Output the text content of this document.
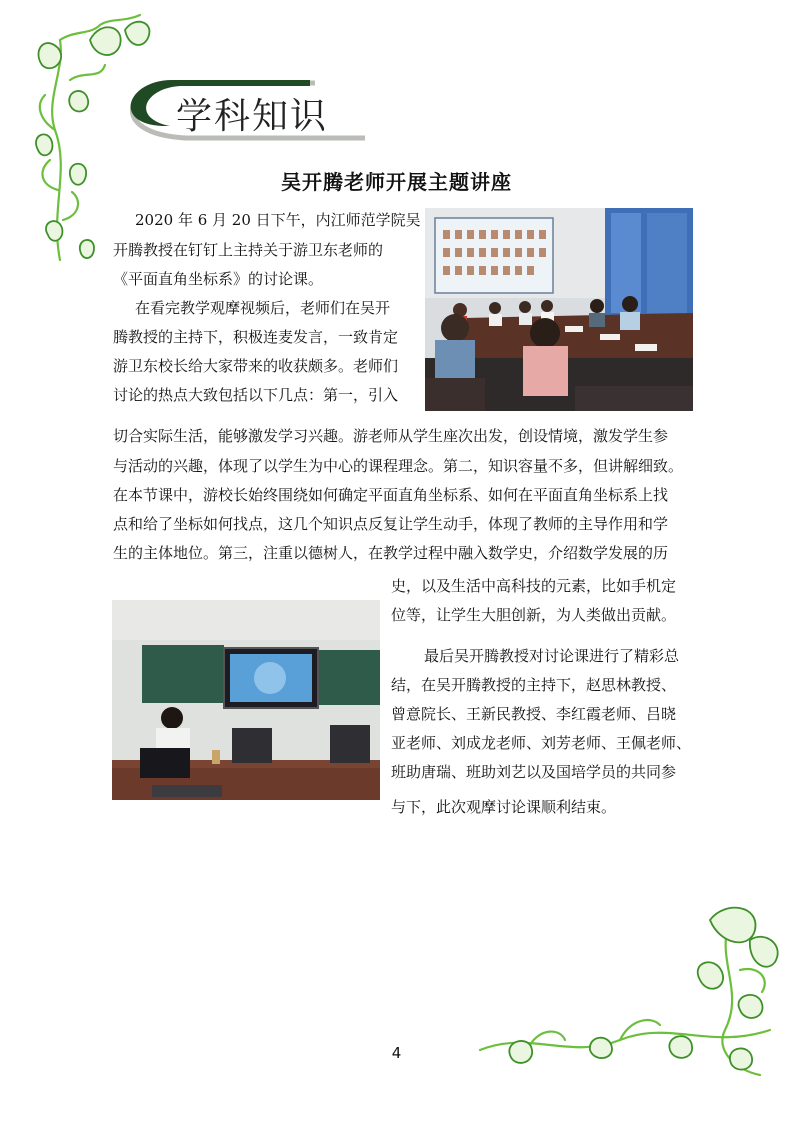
学科知识
吴开腾老师开展主题讲座
2020 年 6 月 20 日下午，内江师范学院吴
开腾教授在钉钉上主持关于游卫东老师的
《平面直角坐标系》的讨论课。
在看完教学观摩视频后，老师们在吴开
腾教授的主持下，积极连麦发言，一致肯定
游卫东校长给大家带来的收获颇多。老师们
讨论的热点大致包括以下几点：第一，引入
切合实际生活，能够激发学习兴趣。游老师从学生座次出发，创设情境，激发学生参
与活动的兴趣，体现了以学生为中心的课程理念。第二，知识容量不多，但讲解细致。
在本节课中，游校长始终围绕如何确定平面直角坐标系、如何在平面直角坐标系上找
点和给了坐标如何找点，这几个知识点反复让学生动手，体现了教师的主导作用和学
生的主体地位。第三，注重以德树人，在教学过程中融入数学史，介绍数学发展的历
史，以及生活中高科技的元素，比如手机定
位等，让学生大胆创新，为人类做出贡献。
最后吴开腾教授对讨论课进行了精彩总
结，在吴开腾教授的主持下，赵思林教授、
曾意院长、王新民教授、李红霞老师、吕晓
亚老师、刘成龙老师、刘芳老师、王佩老师、
班助唐瑞、班助刘艺以及国培学员的共同参
与下，此次观摩讨论课顺利结束。
4
